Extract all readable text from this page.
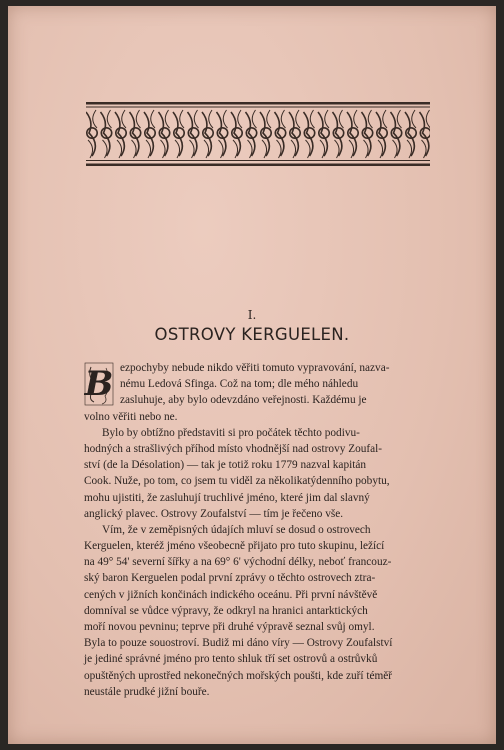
I.
OSTROVY KERGUELEN.
B ezpochyby nebude nikdo věřiti tomuto vypravování, nazva-
nému Ledová Sfinga. Což na tom; dle mého náhledu
zasluhuje, aby bylo odevzdáno veřejnosti. Každému je
volno věřiti nebo ne.

Bylo by obtížno představiti si pro počátek těchto podivu-
hodných a strašlivých příhod místo vhodnější nad ostrovy Zoufal-
ství (de la Désolation) — tak je totiž roku 1779 nazval kapitán
Cook. Nuže, po tom, co jsem tu viděl za několikatýdenního pobytu,
mohu ujistiti, že zasluhují truchlivé jméno, které jim dal slavný
anglický plavec. Ostrovy Zoufalství — tím je řečeno vše.

Vím, že v zeměpisných údajích mluví se dosud o ostrovech
Kerguelen, kteréž jméno všeobecně přijato pro tuto skupinu, ležící
na 49° 54' severní šířky a na 69° 6' východní délky, neboť francouz-
ský baron Kerguelen podal první zprávy o těchto ostrovech ztra-
cených v jižních končinách indického oceánu. Při první návštěvě
domníval se vůdce výpravy, že odkryl na hranici antarktických
moří novou pevninu; teprve při druhé výpravě seznal svůj omyl.
Byla to pouze souostroví. Budiž mi dáno víry — Ostrovy Zoufalství
je jediné správné jméno pro tento shluk tří set ostrovů a ostrůvků
opuštěných uprostřed nekonečných mořských poušti, kde zuří téměř
neustále prudké jižní bouře.
